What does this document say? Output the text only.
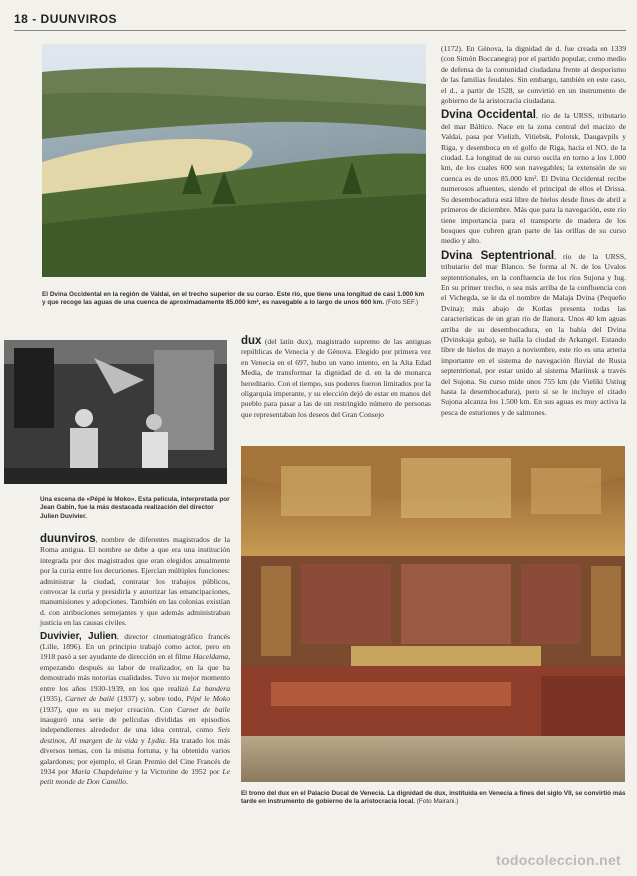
18 - DUUNVIROS
El Dvina Occidental en la región de Valdai, en el trecho superior de su curso. Este río, que tiene una longitud de casi 1.000 km y que recoge las aguas de una cuenca de aproximadamente 85.000 km², es navegable a lo largo de unos 600 km. (Foto SEF.)

(1172). En Génova, la dignidad de d. fue creada en 1339 (con Simón Boccanegra) por el partido popular, como medio de defensa de la comunidad ciudadana frente al desporismo de las familias feudales. Sin embargo, también en este caso, el d., a partir de 1528, se convirtió en un instrumento de gobierno de la aristocracia ciudadana.

Dvina Occidental, río de la URSS, tributario del mar Báltico. Nace en la zona central del macizo de Valdai, pasa por Vielizh, Vitiebsk, Polotsk, Daugavpils y Riga, y desemboca en el golfo de Riga, hacia el NO. de la ciudad. La longitud de su curso oscila en torno a los 1.000 km, de los cuales 600 son navegables; la extensión de su cuenca es de unos 85.000 km². El Dvina Occidental recibe numerosos afluentes, siendo el principal de ellos el Drissa. Su desembocadura está libre de hielos desde fines de abril a primeros de diciembre. Más que para la navegación, este río tiene importancia para el transporte de madera de los bosques que cubren gran parte de las orillas de su curso medio y alto.

Dvina Septentrional, río de la URSS, tributario del mar Blanco. Se forma al N. de los Uvalos septentrionales, en la confluencia de los ríos Sujona y Iug. En su primer trecho, o sea más arriba de la confluencia con el Vichegda, se le da el nombre de Malaja Dvina (Pequeño Dvina); más abajo de Kotlas presenta todas las características de un gran río de llanura. Unos 40 km aguas arriba de su desembocadura, en la bahía del Dvina (Dvinskaja guba), se halla la ciudad de Arkangel. Estando libre de hielos de mayo a noviembre, este río es una arteria importante en el sistema de navegación fluvial de Rusia septentrional, por estar unido al sistema Mariinsk a través del Sujona. Su curso mide unos 755 km (de Vieliki Ustiug hasta la desembocadura), pero si se le incluye el citado Sujona alcanza los 1.500 km. En sus aguas es muy activa la pesca de esturiones y de salmones.

Una escena de «Pépé le Moko». Esta película, interpretada por Jean Gabin, fue la más destacada realización del director Julien Duvivier.

dux (del latín dux), magistrado supremo de las antiguas repúblicas de Venecia y de Génova. Elegido por primera vez en Venecia en el 697, hubo un vano intento, en la Alta Edad Media, de transformar la dignidad de d. en la de monarca hereditario. Con el tiempo, sus poderes fueron limitados por la oligarquía imperante, y su elección dejó de estar en manos del pueblo para pasar a las de un restringido número de personas que representaban los deseos del Gran Consejo

duunviros, nombre de diferentes magistrados de la Roma antigua. El nombre se debe a que era una institución integrada por dos magistrados que eran elegidos anualmente por la curia entre los decuriones. Ejercían múltiples funciones: administrar la ciudad, contratar los trabajos públicos, convocar la curia y presidirla y autorizar las emancipaciones, manumisiones y adopciones. También en las colonias existían d. con atribuciones semejantes y que además administraban justicia en las causas civiles.

Duvivier, Julien, director cinematográfico francés (Lille, 1896). En un principio trabajó como actor, pero en 1918 pasó a ser ayudante de dirección en el filme Haceldama, empezando después su labor de realizador, en la que ha demostrado más notorias cualidades. Tuvo su mejor momento entre los años 1930-1939, en los que realizó La bandera (1935), Carnet de bailé (1937) y, sobre todo, Pépé le Moko (1937), que es su mejor creación. Con Carnet de baile inauguró una serie de películas divididas en episodios independientes alrededor de una idea central, como Seis destinos, Al margen de la vida y Lydia. Ha tratado los más diversos temas, con la misma fortuna, y ha obtenido varios galardones; por ejemplo, el Gran Premio del Cine Francés de 1934 por María Chapdelaine y la Victorine de 1952 por Le petit monde de Don Camillo.

El trono del dux en el Palacio Ducal de Venecia. La dignidad de dux, instituida en Venecia a fines del siglo VII, se convirtió más tarde en instrumento de gobierno de la aristocracia local. (Foto Mairani.)
todocoleccion.net
